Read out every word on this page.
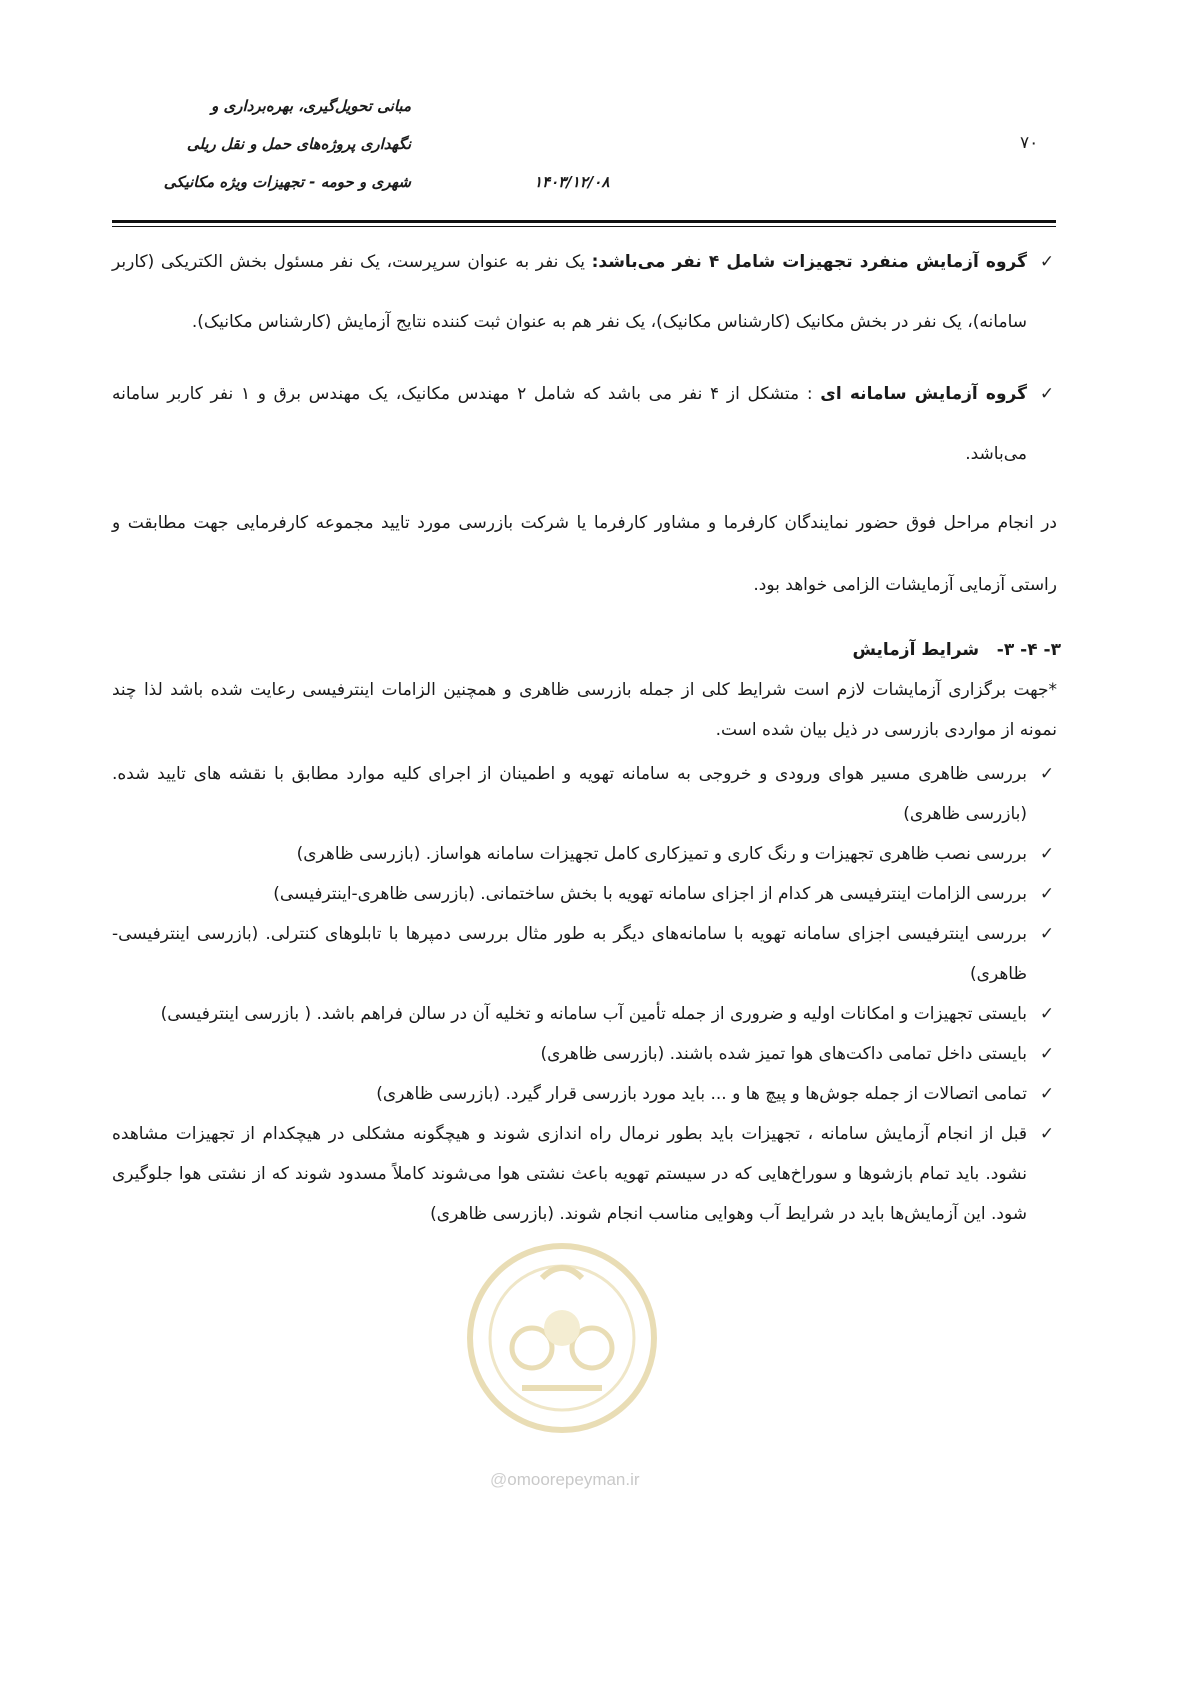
مبانی تحویل‌گیری، بهره‌برداری و
نگهداری پروژه‌های حمل و نقل ریلی
شهری و حومه - تجهیزات ویژه مکانیکی	۱۴۰۳/۱۲/۰۸
۷۰

✓
گروه آزمایش منفرد تجهیزات شامل ۴ نفر می‌باشد: یک نفر به عنوان سرپرست، یک نفر مسئول بخش الکتریکی (کاربر سامانه)، یک نفر در بخش مکانیک (کارشناس مکانیک)، یک نفر هم به عنوان ثبت کننده نتایج آزمایش (کارشناس مکانیک).

✓
گروه آزمایش سامانه ای : متشکل از ۴ نفر می باشد که شامل ۲ مهندس مکانیک، یک مهندس برق و ۱ نفر کاربر سامانه می‌باشد.

در انجام مراحل فوق حضور نمایندگان کارفرما و مشاور کارفرما یا شرکت بازرسی مورد تایید مجموعه کارفرمایی جهت مطابقت و راستی آزمایی آزمایشات الزامی خواهد بود.

۳- ۴- ۳-   شرایط آزمایش

*جهت برگزاری آزمایشات لازم است شرایط کلی از جمله بازرسی ظاهری و همچنین الزامات اینترفیسی رعایت شده باشد لذا چند نمونه از مواردی بازرسی در ذیل بیان شده است.

✓
بررسی ظاهری مسیر هوای ورودی و خروجی به سامانه تهویه و اطمینان از اجرای کلیه موارد مطابق با نقشه های تایید شده. (بازرسی ظاهری)
✓
بررسی نصب ظاهری تجهیزات و رنگ کاری و تمیزکاری کامل تجهیزات سامانه هواساز. (بازرسی ظاهری)
✓
بررسی الزامات اینترفیسی هر کدام از اجزای سامانه تهویه با بخش ساختمانی. (بازرسی ظاهری-اینترفیسی)
✓
بررسی اینترفیسی اجزای سامانه تهویه با سامانه‌های دیگر به طور مثال بررسی دمپرها با تابلوهای کنترلی. (بازرسی اینترفیسی-ظاهری)
✓
بایستی تجهیزات و امکانات اولیه و ضروری از جمله تأمین آب سامانه و تخلیه آن در سالن فراهم باشد. ( بازرسی اینترفیسی)
✓
بایستی داخل تمامی داکت‌های هوا تمیز شده باشند. (بازرسی ظاهری)
✓
تمامی اتصالات از جمله جوش‌ها و پیچ ها و ... باید مورد بازرسی قرار گیرد. (بازرسی ظاهری)
✓
قبل از انجام آزمایش سامانه ، تجهیزات باید بطور نرمال راه اندازی شوند و هیچگونه مشکلی در هیچکدام از تجهیزات مشاهده نشود. باید تمام بازشوها و سوراخ‌هایی که در سیستم تهویه باعث نشتی هوا می‌شوند کاملاً مسدود شوند که از نشتی هوا جلوگیری شود. این آزمایش‌ها باید در شرایط آب وهوایی مناسب انجام شوند. (بازرسی ظاهری)
@omoorepeyman.ir
